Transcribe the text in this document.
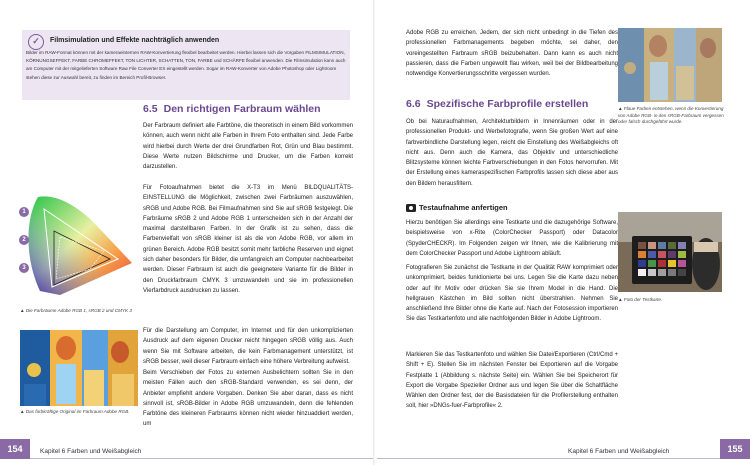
✓	Filmsimulation und Effekte nachträglich anwenden
Bilder im RAW-Format können mit der kameraeinternen RAW-Konvertierung flexibel bearbeitet werden. Hierbei lassen sich die Vorgaben FILMSIMULATION, KÖRNUNGSEFFEKT, FARBE CHROMEFFEKT, TON LICHTER, SCHATTEN, TON, FARBE und SCHÄRFE flexibel anwenden. Die Filmsimulation kann auch am Computer mit der mitgelieferten Software Raw File Converter EX eingestellt werden. Sogar im RAW-Konverter von Adobe Photoshop oder Lightroom stehen diese zur Auswahl bereit, zu finden im Bereich Profil-Browser.
6.5 Den richtigen Farbraum wählen
Der Farbraum definiert alle Farbtöne, die theoretisch in einem Bild vorkommen können, auch wenn nicht alle Farben in Ihrem Foto enthalten sind. Jede Farbe wird hierbei durch Werte der drei Grundfarben Rot, Grün und Blau bestimmt. Diese Werte nutzen Bildschirme und Drucker, um die Farben korrekt darzustellen.
Für Fotoaufnahmen bietet die X-T3 im Menü BILDQUALITÄTS-EINSTELLUNG die Möglichkeit, zwischen zwei Farbräumen auszuwählen, sRGB und Adobe RGB. Bei Filmaufnahmen sind Sie auf sRGB festgelegt. Die Farbräume sRGB 2 und Adobe RGB 1 unterscheiden sich in der Anzahl der maximal darstellbaren Farben. In der Grafik ist zu sehen, dass die Farbenvielfalt von sRGB kleiner ist als die von Adobe RGB, vor allem im grünen Bereich. Adobe RGB besitzt somit mehr farbliche Reserven und eignet sich daher besonders für Bilder, die umfangreich am Computer nachbearbeitet werden. Dieser Farbraum ist auch die geeignetere Variante für die Bilder in den Druckfarbraum CMYK 3 umzuwandeln und sie im professionellen Vierfarbdruck ausdrucken zu lassen.
Für die Darstellung am Computer, im Internet und für den unkomplizierten Ausdruck auf dem eigenen Drucker reicht hingegen sRGB völlig aus. Auch wenn Sie mit Software arbeiten, die kein Farbmanagement unterstützt, ist sRGB besser, weil dieser Farbraum einfach eine höhere Verbreitung aufweist.
Beim Verschieben der Fotos zu externen Ausbelichtern sollten Sie in den meisten Fällen auch den sRGB-Standard verwenden, es sei denn, der Anbieter empfiehlt andere Vorgaben. Denken Sie aber daran, dass es nicht sinnvoll ist, sRGB-Bilder in Adobe RGB umzuwandeln, denn die fehlenden Farbtöne des kleineren Farbraums können nicht wieder hinzuaddiert werden, um
1
2
3
▲ Die Farbräume Adobe RGB 1, sRGB 2 und CMYK 3
▲ Das farbkräftige Original im Farbraum Adobe RGB.
154	Kapitel 6 Farben und Weißabgleich
Adobe RGB zu erreichen. Jedem, der sich nicht unbedingt in die Tiefen des professionellen Farbmanagements begeben möchte, sei daher, den voreingestellten Farbraum sRGB beizubehalten. Dann kann es auch nicht passieren, dass die Farben ungewollt flau wirken, weil bei der Bildbearbeitung notwendige Konvertierungsschritte vergessen wurden.
6.6 Spezifische Farbprofile erstellen
Ob bei Naturaufnahmen, Architekturbildern in Innenräumen oder in der professionellen Produkt- und Werbefotografie, wenn Sie großen Wert auf eine farbverbindliche Darstellung legen, reicht die Einstellung des Weißabgleichs oft nicht aus. Denn auch die Kamera, das Objektiv und unterschiedliche Blitzsysteme können leichte Farbverschiebungen in den Fotos hervorrufen. Mit der Erstellung eines kameraspezifischen Farbprofils lassen sich diese aber aus den Bildern herausfiltern.
Testaufnahme anfertigen
Hierzu benötigen Sie allerdings eine Testkarte und die dazugehörige Software, beispielsweise von x-Rite (ColorChecker Passport) oder Datacolor (SpyderCHECKR). Im Folgenden zeigen wir Ihnen, wie die Kalibrierung mit dem ColorChecker Passport und Adobe Lightroom abläuft.
Fotografieren Sie zunächst die Testkarte in der Qualität RAW komprimiert oder unkomprimiert, beides funktionierte bei uns. Legen Sie die Karte dazu neben oder auf Ihr Motiv oder drücken Sie sie Ihrem Model in die Hand. Die hellgrauen Kästchen im Bild sollten nicht überstrahlen. Nehmen Sie anschließend Ihre Bilder ohne die Karte auf. Nach der Fotosession importieren Sie das Testkartenfoto und alle nachfolgenden Bilder in Adobe Lightroom.
Markieren Sie das Testkartenfoto und wählen Sie Datei/Exportieren (Ctrl/Cmd + Shift + E). Stellen Sie im nächsten Fenster bei Exportieren auf die Vorgabe Festplatte 1 (Abbildung s. nächste Seite) ein. Wählen Sie bei Speicherort für Export die Vorgabe Spezieller Ordner aus und legen Sie über die Schaltfläche Wählen den Ordner fest, der die Basisdateien für die Profilerstellung enthalten soll, hier »DNGs-fuer-Farbprofile« 2.
▲ Flaue Farben entstehen, wenn die Konvertierung von Adobe RGB- in den sRGB-Farbraum vergessen oder falsch durchgeführt wurde.
▲ Foto der Testkarte.
Kapitel 6 Farben und Weißabgleich	155
